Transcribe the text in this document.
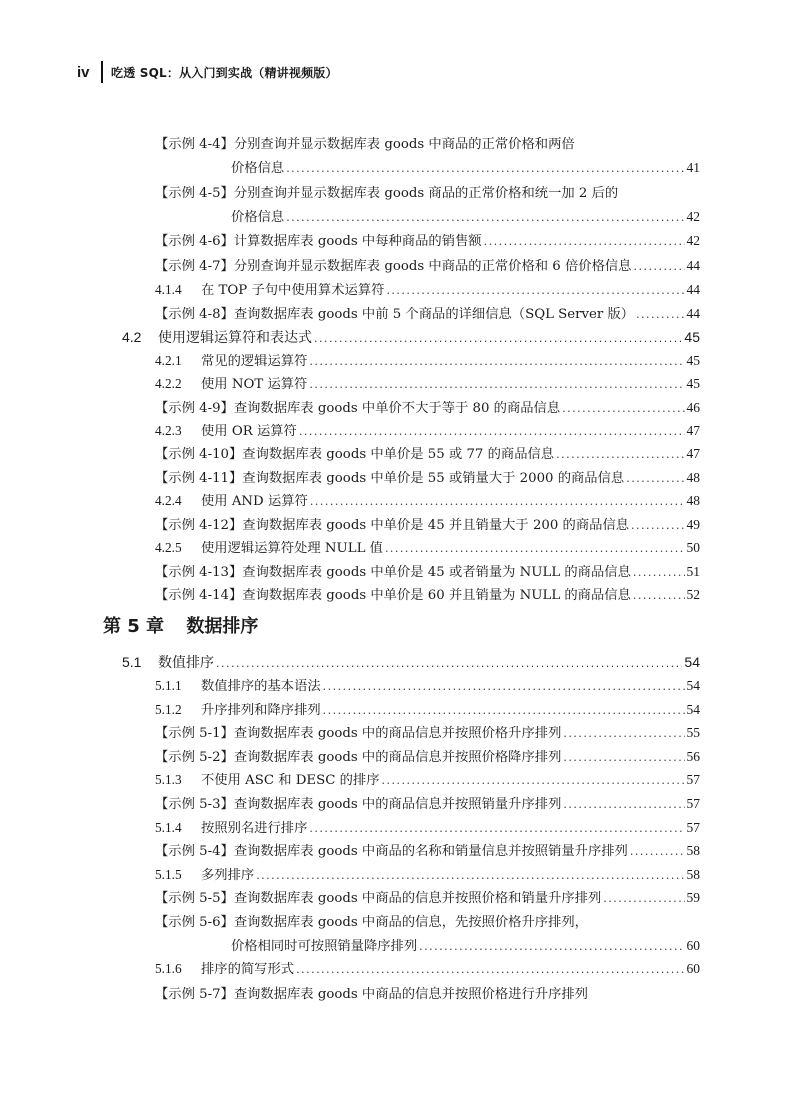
iv	吃透 SQL：从入门到实战（精讲视频版）
【示例 4-4】分别查询并显示数据库表 goods 中商品的正常价格和两倍
价格信息 .....	41
【示例 4-5】分别查询并显示数据库表 goods 商品的正常价格和统一加 2 后的
价格信息 .....	42
【示例 4-6】计算数据库表 goods 中每种商品的销售额 .....	42
【示例 4-7】分别查询并显示数据库表 goods 中商品的正常价格和 6 倍价格信息 .....	44
4.1.4 在 TOP 子句中使用算术运算符 .....	44
【示例 4-8】查询数据库表 goods 中前 5 个商品的详细信息（SQL Server 版） .....	44
4.2 使用逻辑运算符和表达式 .....	45
4.2.1 常见的逻辑运算符 .....	45
4.2.2 使用 NOT 运算符 .....	45
【示例 4-9】查询数据库表 goods 中单价不大于等于 80 的商品信息 .....	46
4.2.3 使用 OR 运算符 .....	47
【示例 4-10】查询数据库表 goods 中单价是 55 或 77 的商品信息 .....	47
【示例 4-11】查询数据库表 goods 中单价是 55 或销量大于 2000 的商品信息 .....	48
4.2.4 使用 AND 运算符 .....	48
【示例 4-12】查询数据库表 goods 中单价是 45 并且销量大于 200 的商品信息 .....	49
4.2.5 使用逻辑运算符处理 NULL 值 .....	50
【示例 4-13】查询数据库表 goods 中单价是 45 或者销量为 NULL 的商品信息 .....	51
【示例 4-14】查询数据库表 goods 中单价是 60 并且销量为 NULL 的商品信息 .....	52
第 5 章 数据排序
5.1 数值排序 .....	54
5.1.1 数值排序的基本语法 .....	54
5.1.2 升序排列和降序排列 .....	54
【示例 5-1】查询数据库表 goods 中的商品信息并按照价格升序排列 .....	55
【示例 5-2】查询数据库表 goods 中的商品信息并按照价格降序排列 .....	56
5.1.3 不使用 ASC 和 DESC 的排序 .....	57
【示例 5-3】查询数据库表 goods 中的商品信息并按照销量升序排列 .....	57
5.1.4 按照别名进行排序 .....	57
【示例 5-4】查询数据库表 goods 中商品的名称和销量信息并按照销量升序排列 .....	58
5.1.5 多列排序 .....	58
【示例 5-5】查询数据库表 goods 中商品的信息并按照价格和销量升序排列 .....	59
【示例 5-6】查询数据库表 goods 中商品的信息，先按照价格升序排列，
价格相同时可按照销量降序排列 .....	60
5.1.6 排序的简写形式 .....	60
【示例 5-7】查询数据库表 goods 中商品的信息并按照价格进行升序排列
